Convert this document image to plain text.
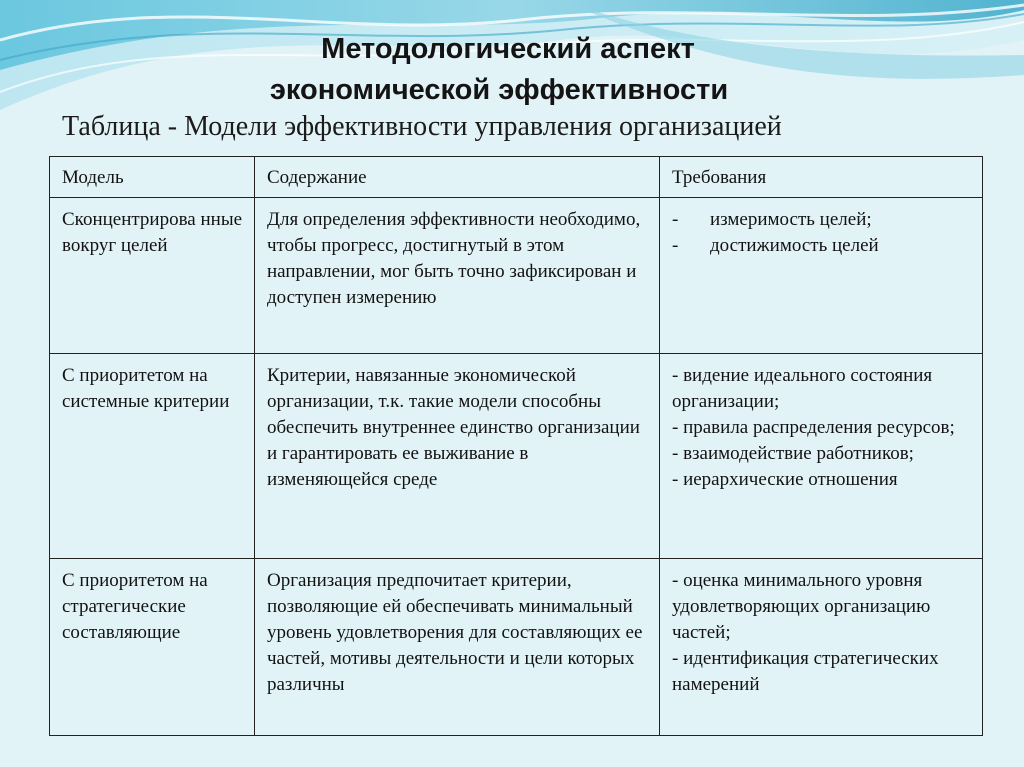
Методологический аспект
экономической эффективности
Таблица - Модели эффективности управления организацией
Модель	Содержание	Требования
Сконцентрирова нные вокруг целей	Для определения эффективности необходимо, чтобы прогресс, достигнутый в этом направлении, мог быть точно зафиксирован и доступен измерению	- измеримость целей;
- достижимость целей

С приоритетом на системные критерии	Критерии, навязанные экономической организации, т.к. такие модели способны обеспечить внутреннее единство организации и гарантировать ее выживание в изменяющейся среде	- видение идеального состояния организации;
- правила распределения ресурсов;
- взаимодействие работников;
- иерархические отношения

С приоритетом на стратегические составляющие	Организация предпочитает критерии, позволяющие ей обеспечивать минимальный уровень удовлетворения для составляющих ее частей, мотивы деятельности и цели которых различны	- оценка минимального уровня удовлетворяющих организацию частей;
- идентификация стратегических намерений
